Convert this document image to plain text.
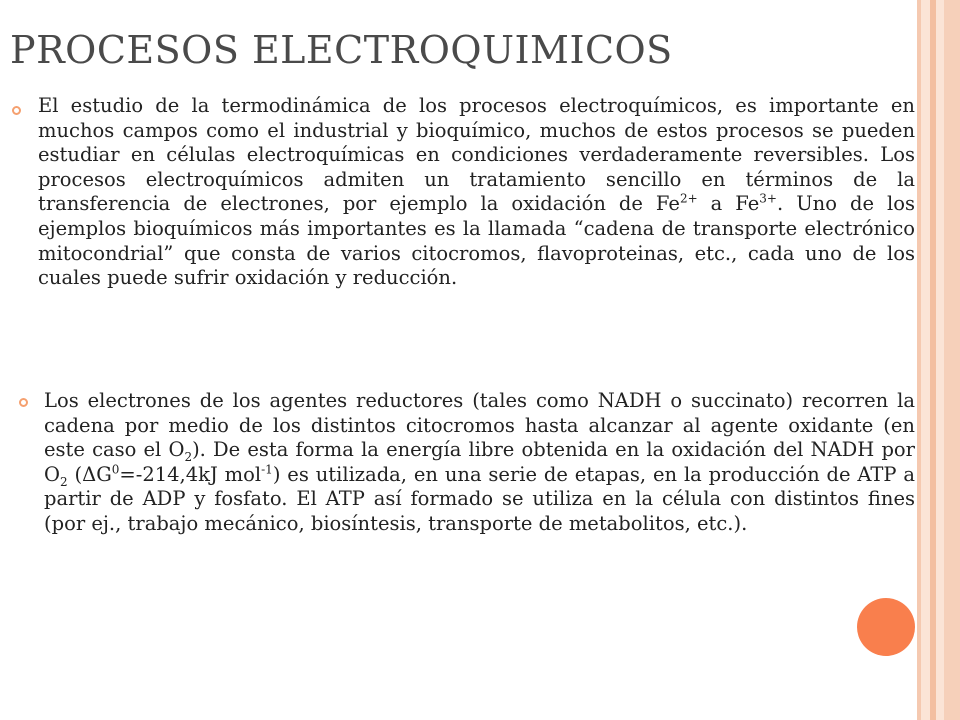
PROCESOS ELECTROQUIMICOS

El estudio de la termodinámica de los procesos electroquímicos, es importante en muchos campos como el industrial y bioquímico, muchos de estos procesos se pueden estudiar en células electroquímicas en condiciones verdaderamente reversibles. Los procesos electroquímicos admiten un tratamiento sencillo en términos de la transferencia de electrones, por ejemplo la oxidación de $Fe^{2+}$ a $Fe^{3+}$. Uno de los ejemplos bioquímicos más importantes es la llamada “cadena de transporte electrónico mitocondrial” que consta de varios citocromos, flavoproteinas, etc., cada uno de los cuales puede sufrir oxidación y reducción.

Los electrones de los agentes reductores (tales como NADH o succinato) recorren la cadena por medio de los distintos citocromos hasta alcanzar al agente oxidante (en este caso el $O_2$). De esta forma la energía libre obtenida en la oxidación del NADH por $O_2$ ($\Delta G^0=-214,4kJ$ mol$^{-1}$) es utilizada, en una serie de etapas, en la producción de ATP a partir de ADP y fosfato. El ATP así formado se utiliza en la célula con distintos fines (por ej., trabajo mecánico, biosíntesis, transporte de metabolitos, etc.).
